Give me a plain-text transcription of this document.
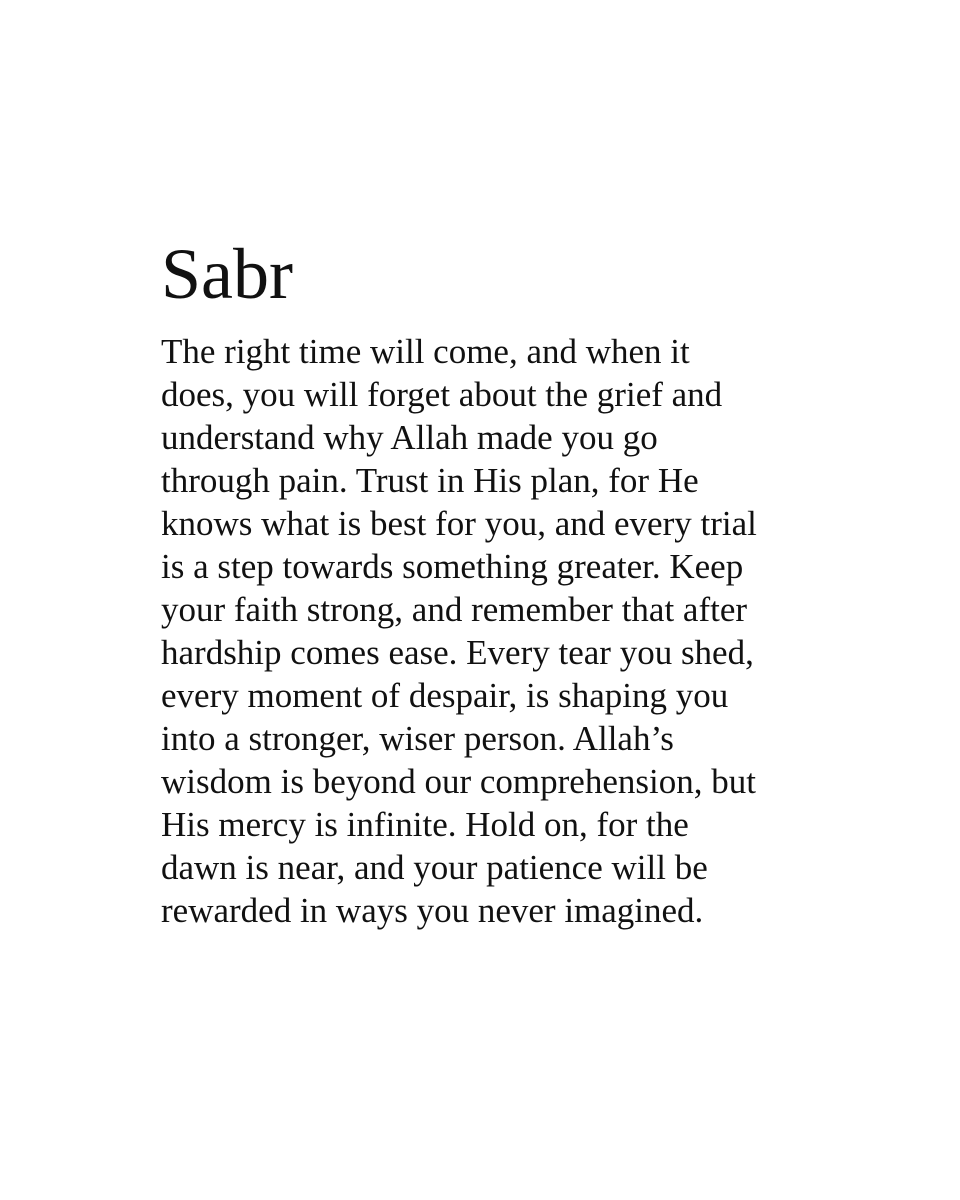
Sabr

The right time will come, and when it
does, you will forget about the grief and
understand why Allah made you go
through pain. Trust in His plan, for He
knows what is best for you, and every trial
is a step towards something greater. Keep
your faith strong, and remember that after
hardship comes ease. Every tear you shed,
every moment of despair, is shaping you
into a stronger, wiser person. Allah’s
wisdom is beyond our comprehension, but
His mercy is infinite. Hold on, for the
dawn is near, and your patience will be
rewarded in ways you never imagined.
